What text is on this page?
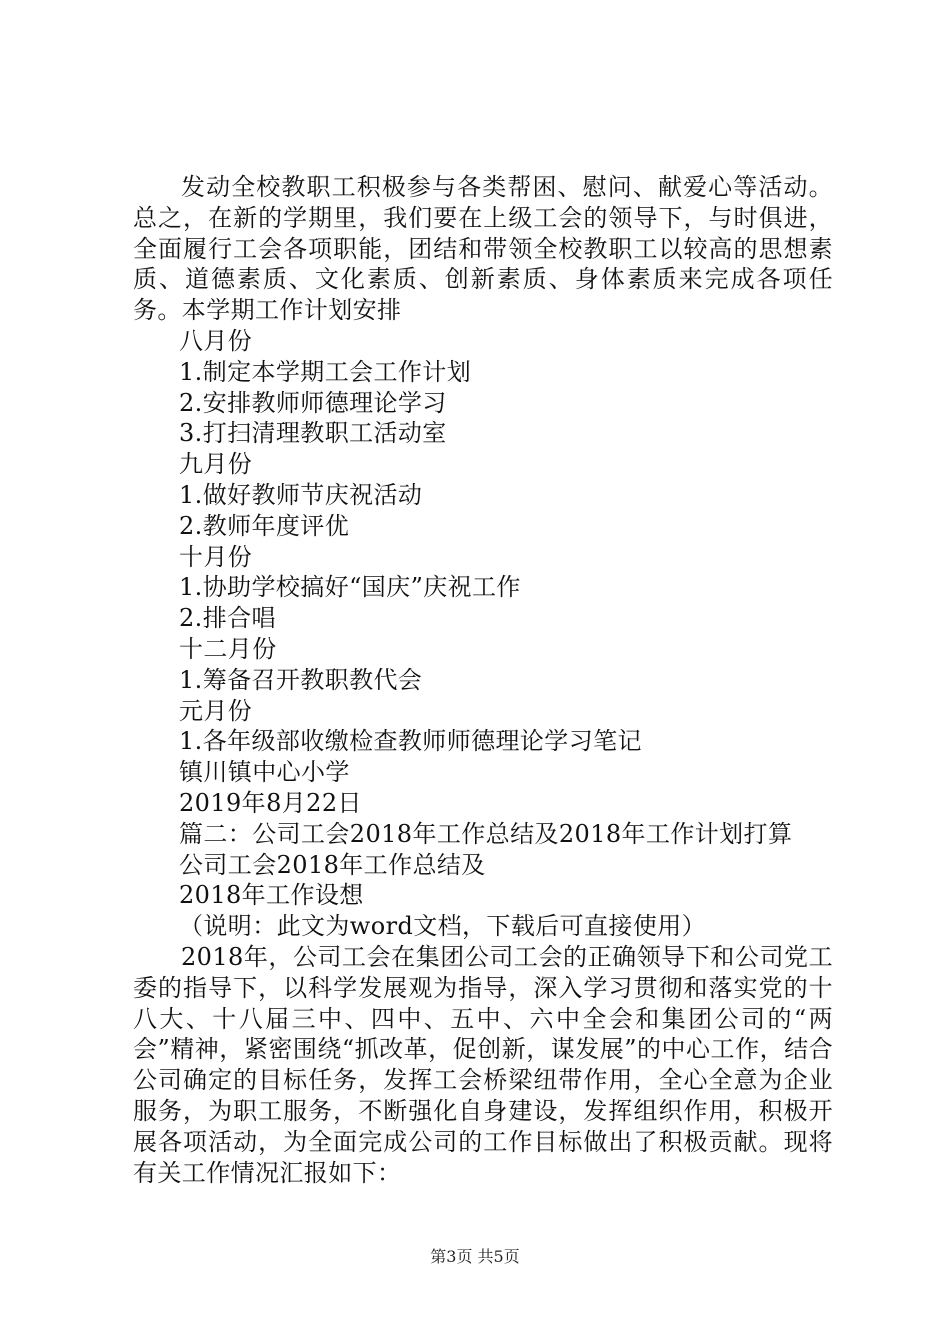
发动全校教职工积极参与各类帮困、慰问、献爱心等活动。总之，在新的学期里，我们要在上级工会的领导下，与时俱进，全面履行工会各项职能，团结和带领全校教职工以较高的思想素质、道德素质、文化素质、创新素质、身体素质来完成各项任务。本学期工作计划安排

八月份

1.制定本学期工会工作计划

2.安排教师师德理论学习

3.打扫清理教职工活动室

九月份

1.做好教师节庆祝活动

2.教师年度评优

十月份

1.协助学校搞好“国庆”庆祝工作

2.排合唱

十二月份

1.筹备召开教职教代会

元月份

1.各年级部收缴检查教师师德理论学习笔记

镇川镇中心小学

2019年8月22日

篇二：公司工会2018年工作总结及2018年工作计划打算

公司工会2018年工作总结及

2018年工作设想

（说明：此文为word文档，下载后可直接使用）

2018年，公司工会在集团公司工会的正确领导下和公司党工委的指导下，以科学发展观为指导，深入学习贯彻和落实党的十八大、十八届三中、四中、五中、六中全会和集团公司的“两会”精神，紧密围绕“抓改革，促创新，谋发展”的中心工作，结合公司确定的目标任务，发挥工会桥梁纽带作用，全心全意为企业服务，为职工服务，不断强化自身建设，发挥组织作用，积极开展各项活动，为全面完成公司的工作目标做出了积极贡献。现将有关工作情况汇报如下：

第3页 共5页
